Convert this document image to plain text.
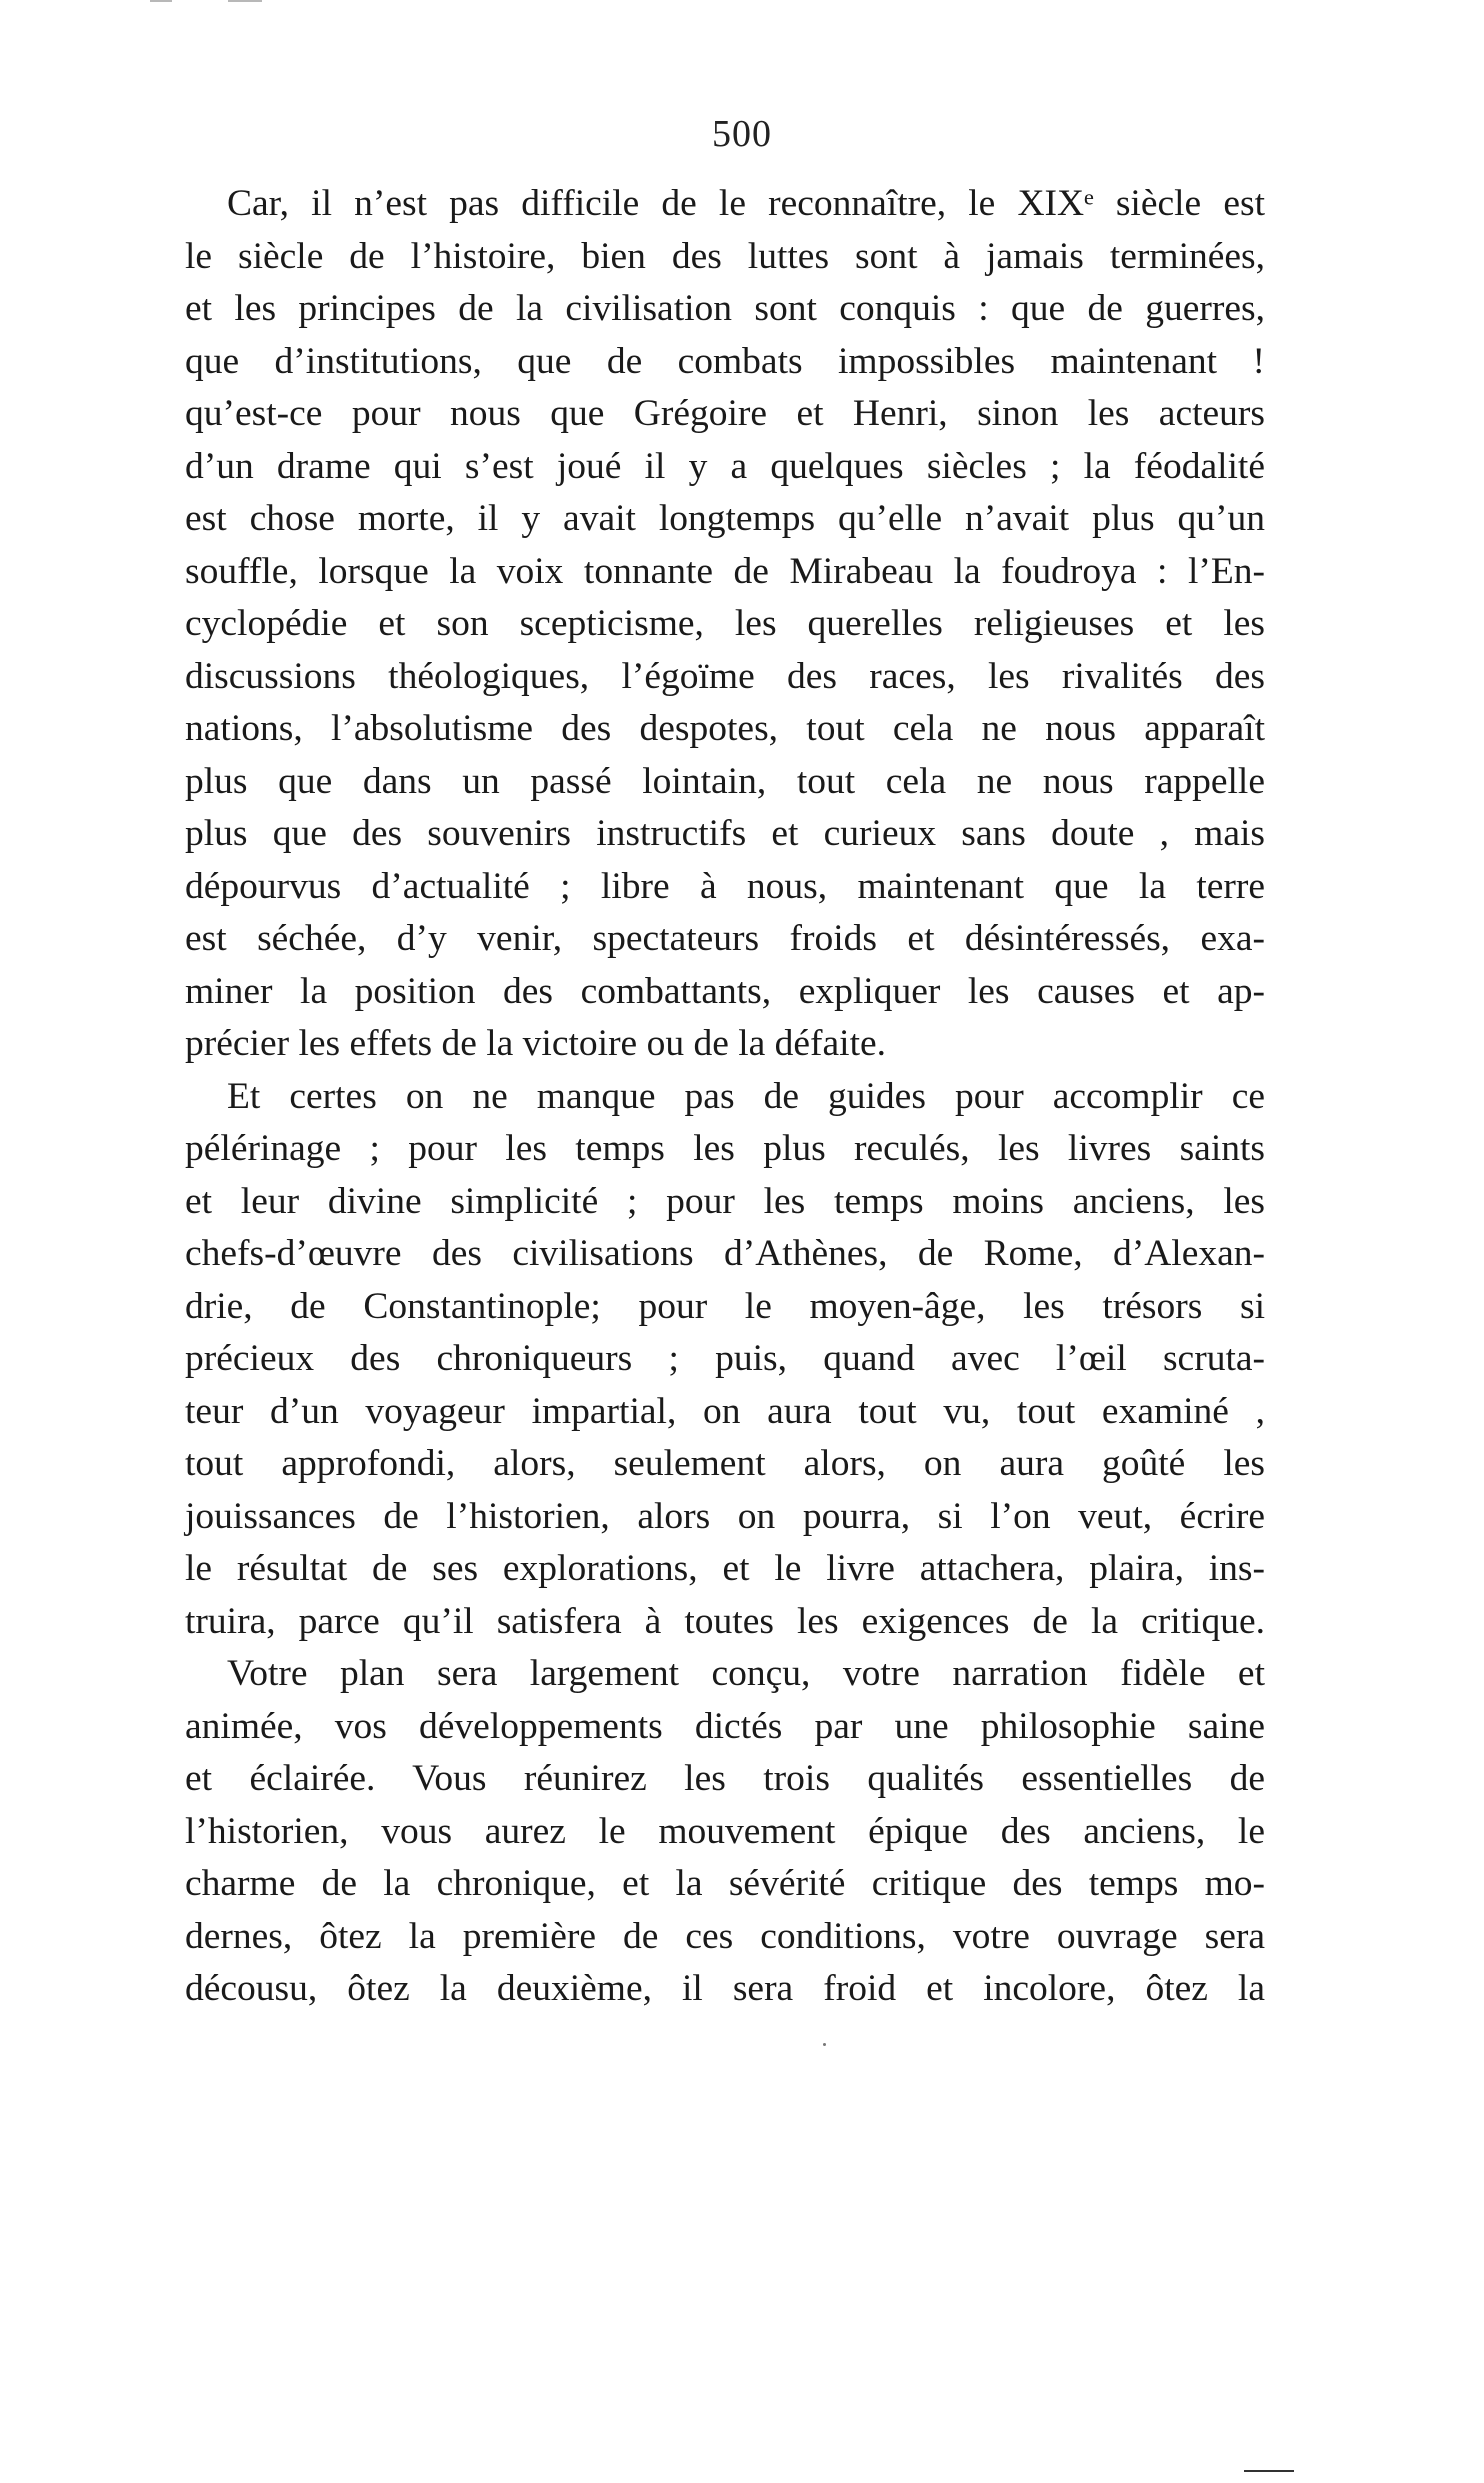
500
Car, il n’est pas difficile de le reconnaître, le XIXᵉ siècle est
le siècle de l’histoire, bien des luttes sont à jamais terminées,
et les principes de la civilisation sont conquis : que de guerres,
que d’institutions, que de combats impossibles maintenant !
qu’est-ce pour nous que Grégoire et Henri, sinon les acteurs
d’un drame qui s’est joué il y a quelques siècles ; la féodalité
est chose morte, il y avait longtemps qu’elle n’avait plus qu’un
souffle, lorsque la voix tonnante de Mirabeau la foudroya : l’En-
cyclopédie et son scepticisme, les querelles religieuses et les
discussions théologiques, l’égoïme des races, les rivalités des
nations, l’absolutisme des despotes, tout cela ne nous apparaît
plus que dans un passé lointain, tout cela ne nous rappelle
plus que des souvenirs instructifs et curieux sans doute , mais
dépourvus d’actualité ; libre à nous, maintenant que la terre
est séchée, d’y venir, spectateurs froids et désintéressés, exa-
miner la position des combattants, expliquer les causes et ap-
précier les effets de la victoire ou de la défaite.
Et certes on ne manque pas de guides pour accomplir ce
pélérinage ; pour les temps les plus reculés, les livres saints
et leur divine simplicité ; pour les temps moins anciens, les
chefs-d’œuvre des civilisations d’Athènes, de Rome, d’Alexan-
drie, de Constantinople; pour le moyen-âge, les trésors si
précieux des chroniqueurs ; puis, quand avec l’œil scruta-
teur d’un voyageur impartial, on aura tout vu, tout examiné ,
tout approfondi, alors, seulement alors, on aura goûté les
jouissances de l’historien, alors on pourra, si l’on veut, écrire
le résultat de ses explorations, et le livre attachera, plaira, ins-
truira, parce qu’il satisfera à toutes les exigences de la critique.
Votre plan sera largement conçu, votre narration fidèle et
animée, vos développements dictés par une philosophie saine
et éclairée. Vous réunirez les trois qualités essentielles de
l’historien, vous aurez le mouvement épique des anciens, le
charme de la chronique, et la sévérité critique des temps mo-
dernes, ôtez la première de ces conditions, votre ouvrage sera
décousu, ôtez la deuxième, il sera froid et incolore, ôtez la
